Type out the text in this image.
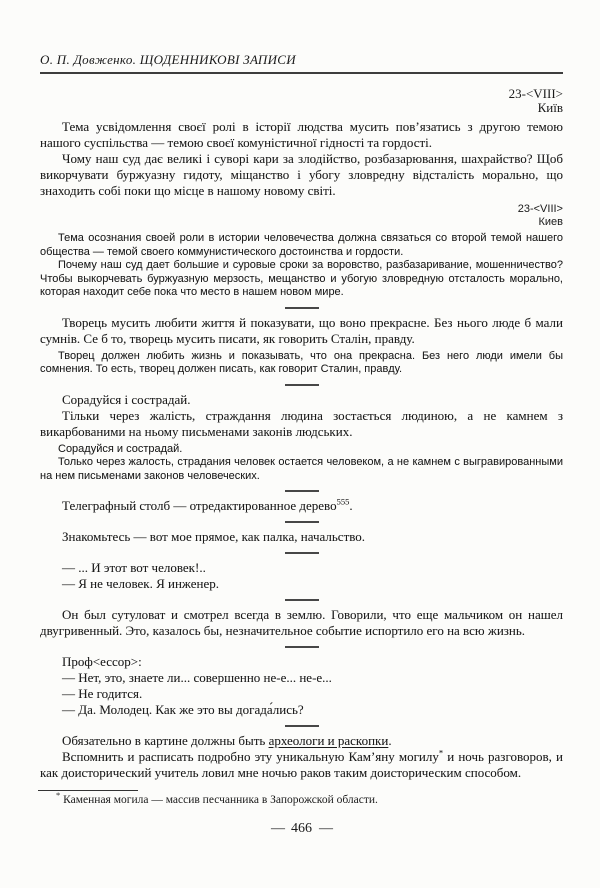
О. П. Довженко. ЩОДЕННИКОВІ ЗАПИСИ

23-<VIII>

Київ

Тема усвідомлення своєї ролі в історії людства мусить пов’язатись з другою темою нашого суспільства — темою своєї комуністичної гідності та гордості.

Чому наш суд дає великі і суворі кари за злодійство, розбазарювання, шахрайство? Щоб викорчувати буржуазну гидоту, міщанство і убогу зловредну відсталість морально, що знаходить собі поки що місце в нашому новому світі.

23-<VIII>

Киев

Тема осознания своей роли в истории человечества должна связаться со второй темой нашего общества — темой своего коммунистического достоинства и гордости.

Почему наш суд дает большие и суровые сроки за воровство, разбазаривание, мошенничество? Чтобы выкорчевать буржуазную мерзость, мещанство и убогую зловредную отсталость морально, которая находит себе пока что место в нашем новом мире.

Творець мусить любити життя й показувати, що воно прекрасне. Без нього люде б мали сумнів. Се б то, творець мусить писати, як говорить Сталін, правду.

Творец должен любить жизнь и показывать, что она прекрасна. Без него люди имели бы сомнения. То есть, творец должен писать, как говорит Сталин, правду.

Сорадуйся і сострадай.

Тільки через жалість, страждання людина зостається людиною, а не камнем з викарбованими на ньому письменами законів людських.

Сорадуйся и сострадай.

Только через жалость, страдания человек остается человеком, а не камнем с выгравированными на нем письменами законов человеческих.

Телеграфный столб — отредактированное дерево$^{555}$.

Знакомьтесь — вот мое прямое, как палка, начальство.

— ... И этот вот человек!..

— Я не человек. Я инженер.

Он был сутуловат и смотрел всегда в землю. Говорили, что еще мальчиком он нашел двугривенный. Это, казалось бы, незначительное событие испортило его на всю жизнь.

Проф<ессор>:

— Нет, это, знаете ли... совершенно не-е... не-е...

— Не годится.

— Да. Молодец. Как же это вы догада́лись?

Обязательно в картине должны быть археологи и раскопки.

Вспомнить и расписать подробно эту уникальную Кам’яну могилу* и ночь разговоров, и как доисторический учитель ловил мне ночью раков таким доисторическим способом.

* Каменная могила — массив песчанника в Запорожской области.

— 466 —
